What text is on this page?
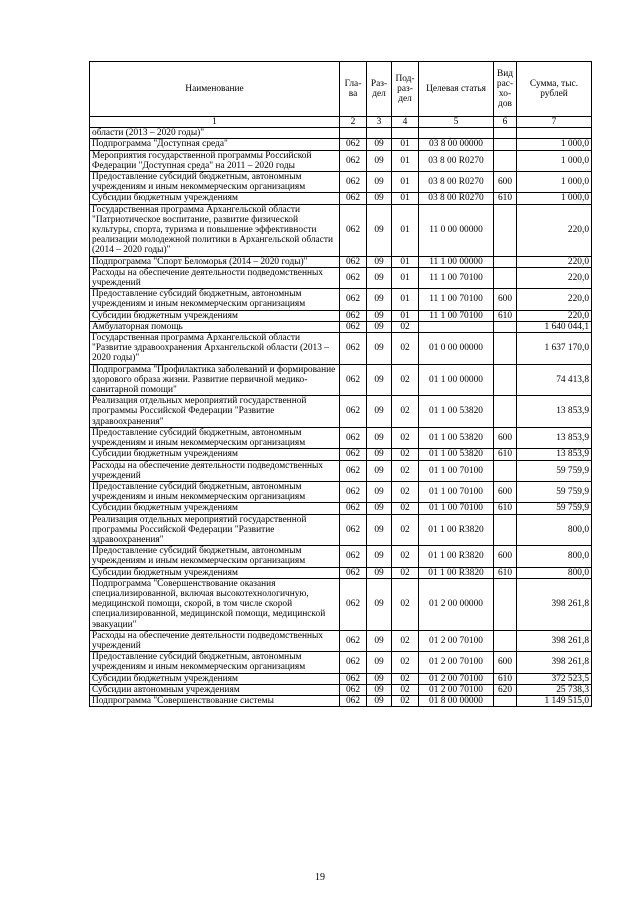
Наименование	Гла-ва	Раз-дел	Под-раз-дел	Целевая статья	Вид рас-хо-дов	Сумма, тыс. рублей
1	2	3	4	5	6	7
области (2013 – 2020 годы)"						
Подпрограмма "Доступная среда"	062	09	01	03 8 00 00000		1 000,0
Мероприятия государственной программы Российской Федерации "Доступная среда" на 2011 – 2020 годы	062	09	01	03 8 00 R0270		1 000,0
Предоставление субсидий бюджетным, автономным учреждениям и иным некоммерческим организациям	062	09	01	03 8 00 R0270	600	1 000,0
Субсидии бюджетным учреждениям	062	09	01	03 8 00 R0270	610	1 000,0
Государственная программа Архангельской области "Патриотическое воспитание, развитие физической культуры, спорта, туризма и повышение эффективности реализации молодежной политики в Архангельской области (2014 – 2020 годы)"	062	09	01	11 0 00 00000		220,0
Подпрограмма "Спорт Беломорья (2014 – 2020 годы)"	062	09	01	11 1 00 00000		220,0
Расходы на обеспечение деятельности подведомственных учреждений	062	09	01	11 1 00 70100		220,0
Предоставление субсидий бюджетным, автономным учреждениям и иным некоммерческим организациям	062	09	01	11 1 00 70100	600	220,0
Субсидии бюджетным учреждениям	062	09	01	11 1 00 70100	610	220,0
Амбулаторная помощь	062	09	02			1 640 044,1
Государственная программа Архангельской области "Развитие здравоохранения Архангельской области (2013 – 2020 годы)"	062	09	02	01 0 00 00000		1 637 170,0
Подпрограмма "Профилактика заболеваний и формирование здорового образа жизни. Развитие первичной медико-санитарной помощи"	062	09	02	01 1 00 00000		74 413,8
Реализация отдельных мероприятий государственной программы Российской Федерации "Развитие здравоохранения"	062	09	02	01 1 00 53820		13 853,9
Предоставление субсидий бюджетным, автономным учреждениям и иным некоммерческим организациям	062	09	02	01 1 00 53820	600	13 853,9
Субсидии бюджетным учреждениям	062	09	02	01 1 00 53820	610	13 853,9
Расходы на обеспечение деятельности подведомственных учреждений	062	09	02	01 1 00 70100		59 759,9
Предоставление субсидий бюджетным, автономным учреждениям и иным некоммерческим организациям	062	09	02	01 1 00 70100	600	59 759,9
Субсидии бюджетным учреждениям	062	09	02	01 1 00 70100	610	59 759,9
Реализация отдельных мероприятий государственной программы Российской Федерации "Развитие здравоохранения"	062	09	02	01 1 00 R3820		800,0
Предоставление субсидий бюджетным, автономным учреждениям и иным некоммерческим организациям	062	09	02	01 1 00 R3820	600	800,0
Субсидии бюджетным учреждениям	062	09	02	01 1 00 R3820	610	800,0
Подпрограмма "Совершенствование оказания специализированной, включая высокотехнологичную, медицинской помощи, скорой, в том числе скорой специализированной, медицинской помощи, медицинской эвакуации"	062	09	02	01 2 00 00000		398 261,8
Расходы на обеспечение деятельности подведомственных учреждений	062	09	02	01 2 00 70100		398 261,8
Предоставление субсидий бюджетным, автономным учреждениям и иным некоммерческим организациям	062	09	02	01 2 00 70100	600	398 261,8
Субсидии бюджетным учреждениям	062	09	02	01 2 00 70100	610	372 523,5
Субсидии автономным учреждениям	062	09	02	01 2 00 70100	620	25 738,3
Подпрограмма "Совершенствование системы	062	09	02	01 8 00 00000		1 149 515,0
19
